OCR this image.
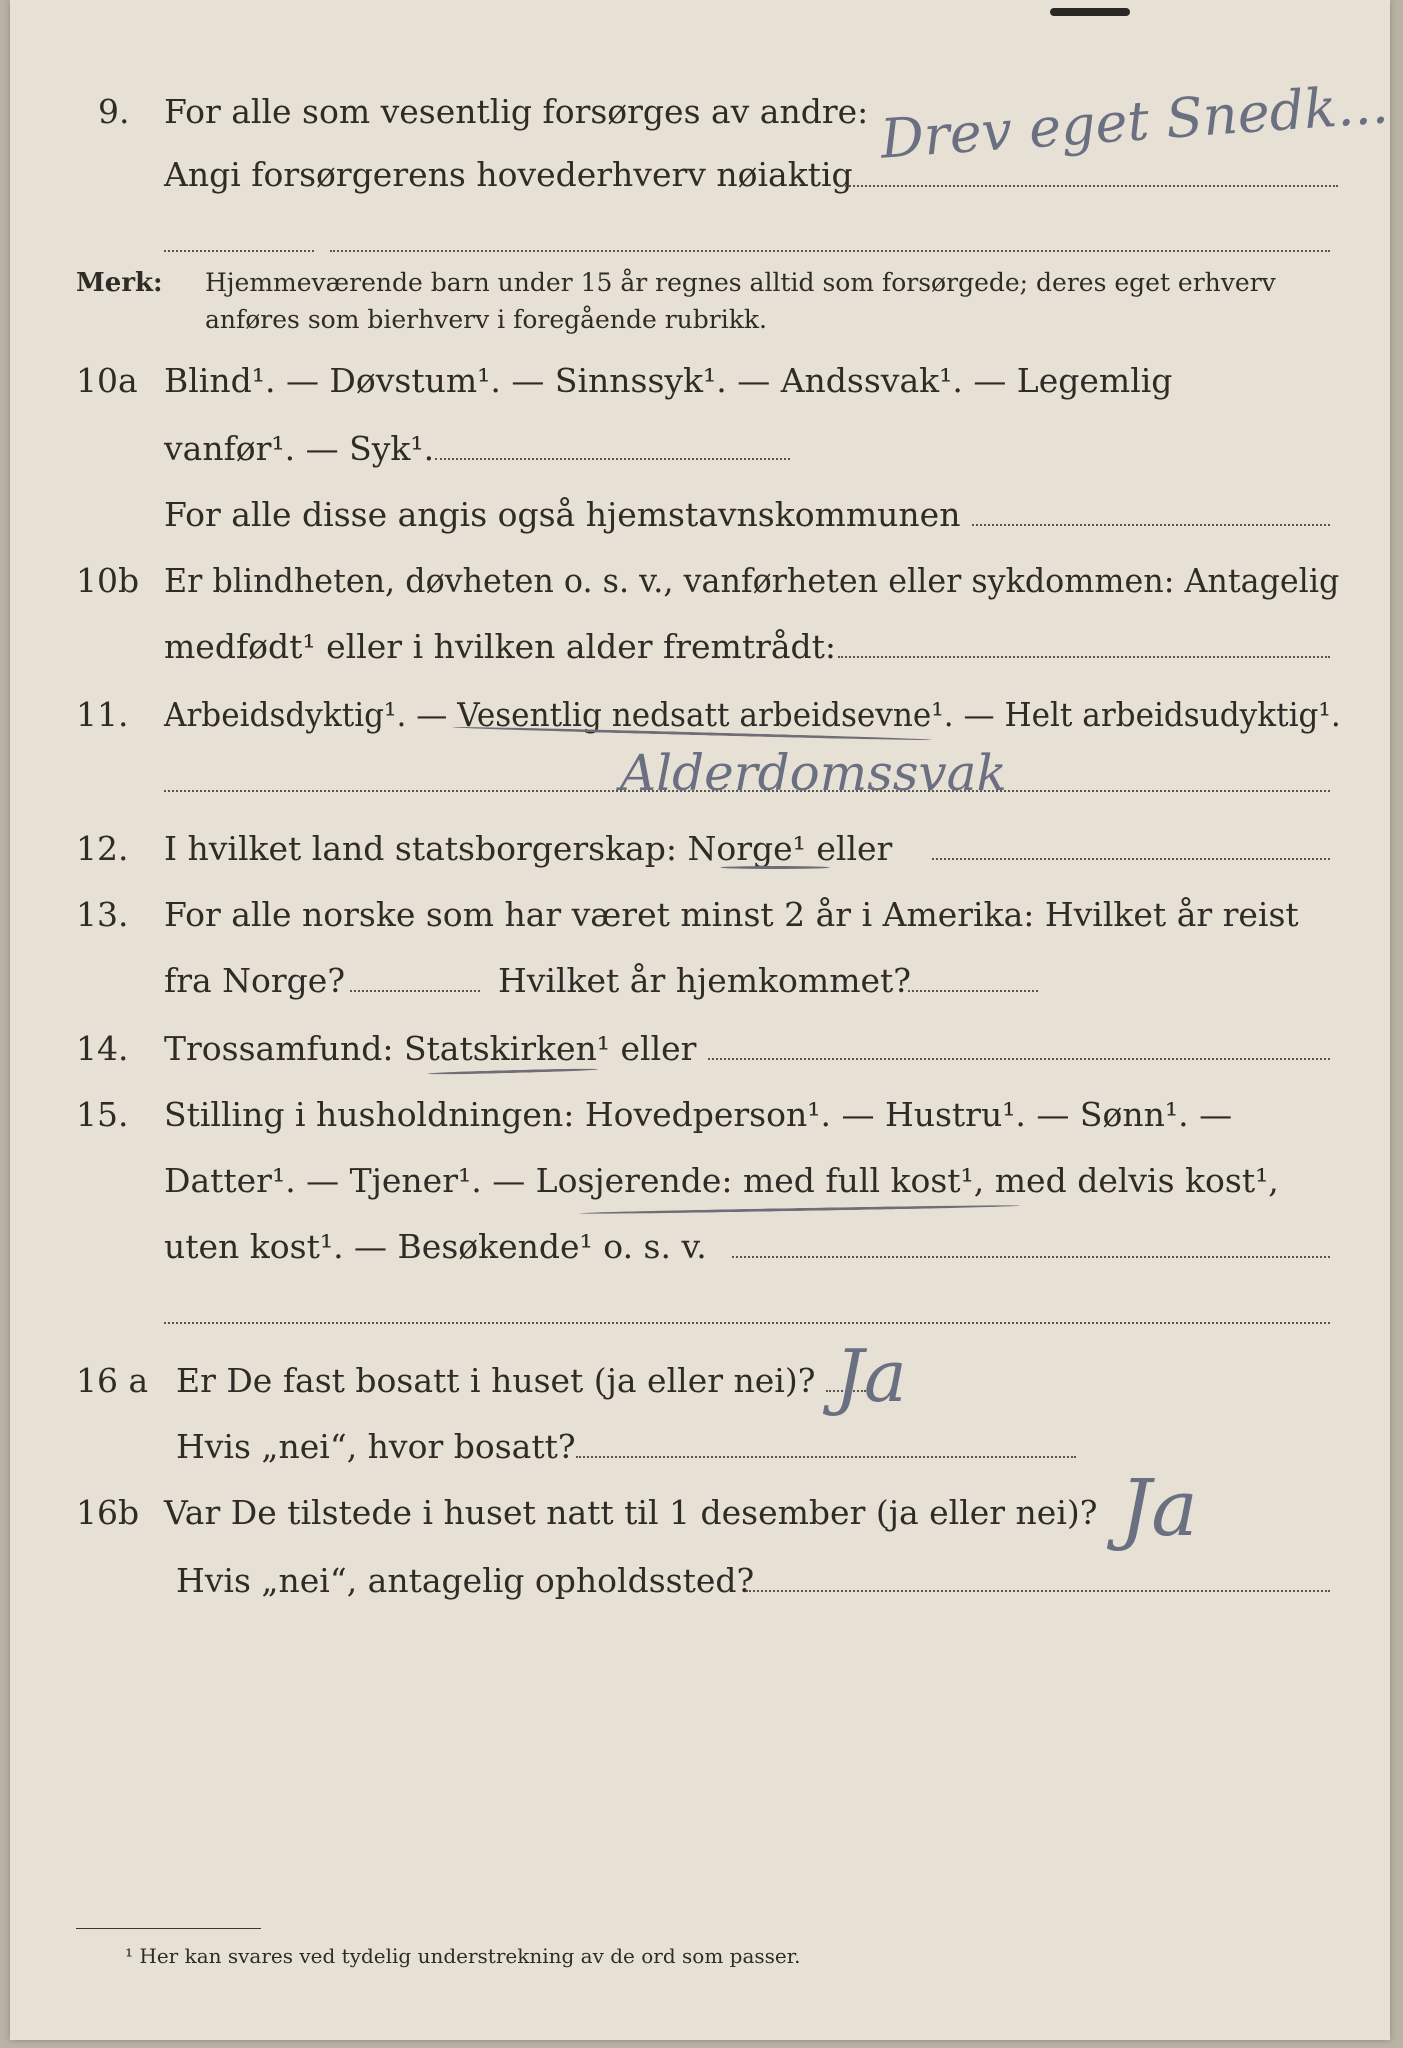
9. For alle som vesentlig forsørges av andre:
Angi forsørgerens hovederhverv nøiaktig
Drev eget Snedk...
Merk: Hjemmeværende barn under 15 år regnes alltid som forsørgede; deres eget erhverv
anføres som bierhverv i foregående rubrikk.
10a Blind¹. — Døvstum¹. — Sinnssyk¹. — Andssvak¹. — Legemlig
vanfør¹. — Syk¹.
For alle disse angis også hjemstavnskommunen
10b Er blindheten, døvheten o. s. v., vanførheten eller sykdommen: Antagelig
medfødt¹ eller i hvilken alder fremtrådt:
11. Arbeidsdyktig¹. — Vesentlig nedsatt arbeidsevne¹. — Helt arbeidsudyktig¹.
Alderdomssvak
12. I hvilket land statsborgerskap: Norge¹ eller
13. For alle norske som har været minst 2 år i Amerika: Hvilket år reist
fra Norge?	Hvilket år hjemkommet?
14. Trossamfund: Statskirken¹ eller
15. Stilling i husholdningen: Hovedperson¹. — Hustru¹. — Sønn¹. —
Datter¹. — Tjener¹. — Losjerende: med full kost¹, med delvis kost¹,
uten kost¹. — Besøkende¹ o. s. v.
16 a Er De fast bosatt i huset (ja eller nei)? Ja
Hvis „nei“, hvor bosatt?
16b Var De tilstede i huset natt til 1 desember (ja eller nei)? Ja
Hvis „nei“, antagelig opholdssted?
¹ Her kan svares ved tydelig understrekning av de ord som passer.
